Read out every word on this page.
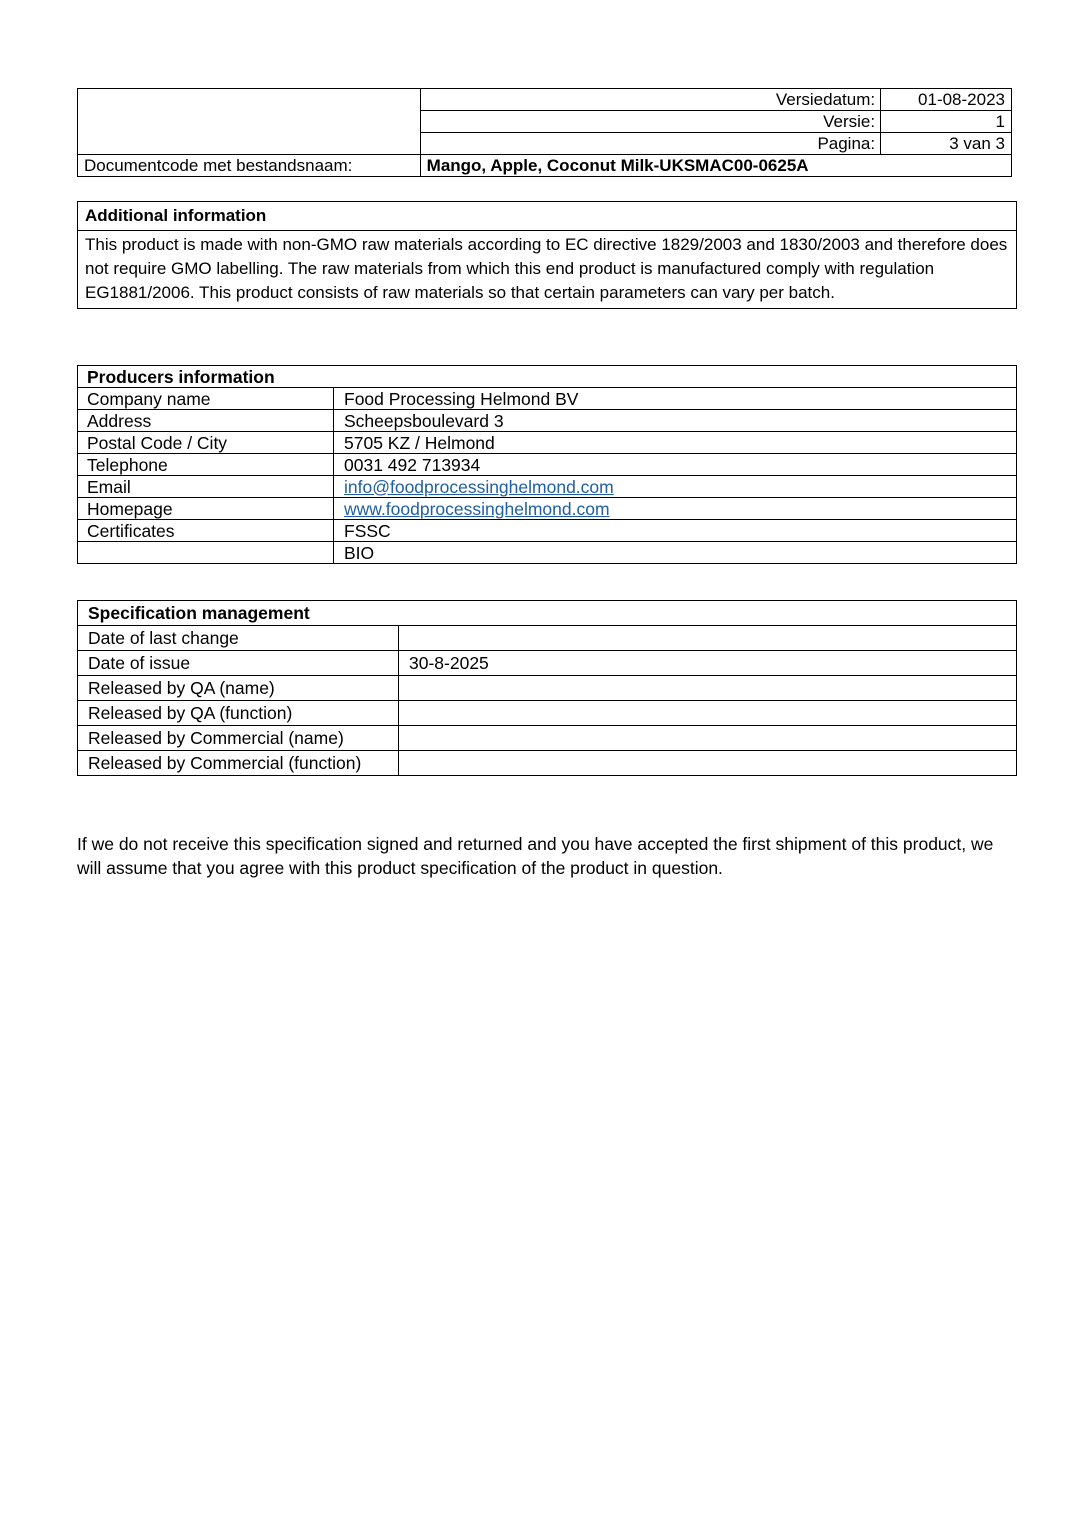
	Versiedatum:	01-08-2023
	Versie:	1
	Pagina:	3 van 3
Documentcode met bestandsnaam:	Mango, Apple, Coconut Milk-UKSMAC00-0625A	
Additional information
This product is made with non-GMO raw materials according to EC directive 1829/2003 and 1830/2003 and therefore does not require GMO labelling. The raw materials from which this end product is manufactured comply with regulation EG1881/2006. This product consists of raw materials so that certain parameters can vary per batch.
Producers information	
Company name	Food Processing Helmond BV
Address	Scheepsboulevard 3
Postal Code / City	5705 KZ / Helmond
Telephone	0031 492 713934
Email	info@foodprocessinghelmond.com
Homepage	www.foodprocessinghelmond.com
Certificates	FSSC
	BIO
Specification management	
Date of last change	
Date of issue	30-8-2025
Released by QA (name)	
Released by QA (function)	
Released by Commercial (name)	
Released by Commercial (function)	

If we do not receive this specification signed and returned and you have accepted the first shipment of this product, we will assume that you agree with this product specification of the product in question.
